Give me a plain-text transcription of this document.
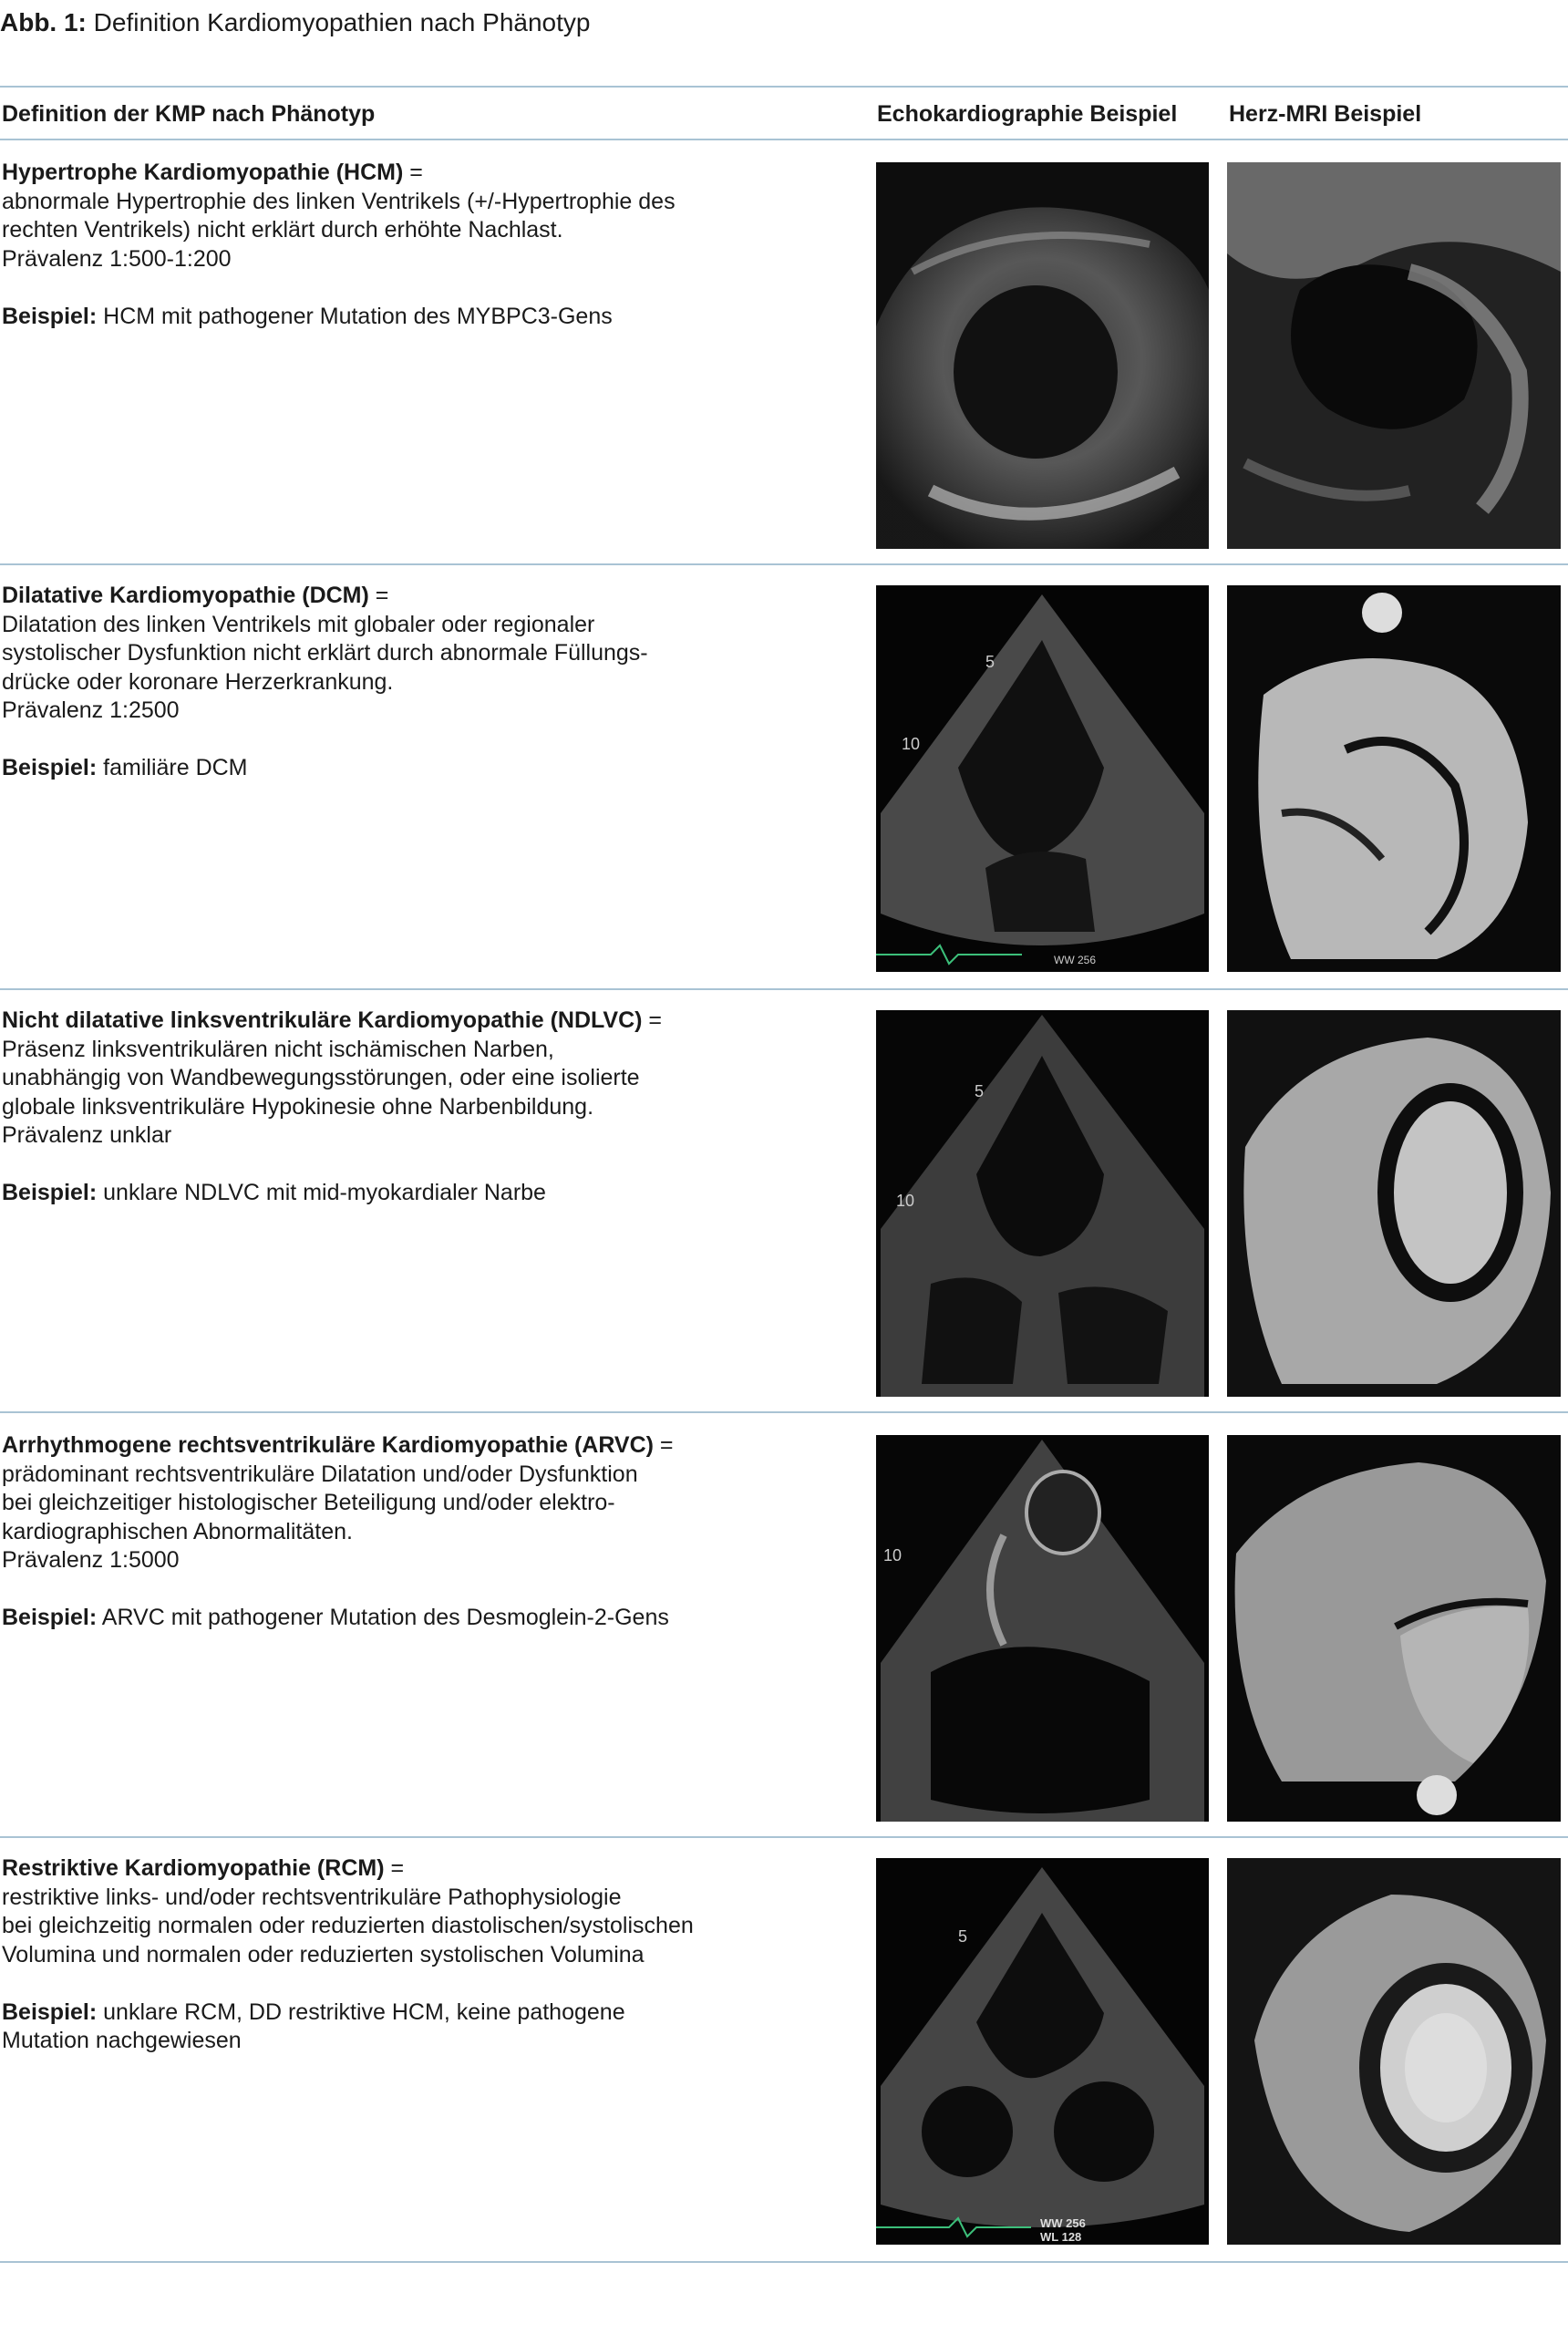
Abb. 1: Definition Kardiomyopathien nach Phänotyp
Definition der KMP nach Phänotyp	Echokardiographie Beispiel Herz-MRI Beispiel

Hypertrophe Kardiomyopathie (HCM) =

abnormale Hypertrophie des linken Ventrikels (+/-Hypertrophie des

rechten Ventrikels) nicht erklärt durch erhöhte Nachlast.

Prävalenz 1:500-1:200

Beispiel: HCM mit pathogener Mutation des MYBPC3-Gens

Dilatative Kardiomyopathie (DCM) =

Dilatation des linken Ventrikels mit globaler oder regionaler

systolischer Dysfunktion nicht erklärt durch abnormale Füllungs-

drücke oder koronare Herzerkrankung.

Prävalenz 1:2500

Beispiel: familiäre DCM

5
10
WW 256

Nicht dilatative linksventrikuläre Kardiomyopathie (NDLVC) =

Präsenz linksventrikulären nicht ischämischen Narben,

unabhängig von Wandbewegungsstörungen, oder eine isolierte

globale linksventrikuläre Hypokinesie ohne Narbenbildung.

Prävalenz unklar

Beispiel: unklare NDLVC mit mid-myokardialer Narbe

5
10

Arrhythmogene rechtsventrikuläre Kardiomyopathie (ARVC) =

prädominant rechtsventrikuläre Dilatation und/oder Dysfunktion

bei gleichzeitiger histologischer Beteiligung und/oder elektro-

kardiographischen Abnormalitäten.

Prävalenz 1:5000

Beispiel: ARVC mit pathogener Mutation des Desmoglein-2-Gens

10

Restriktive Kardiomyopathie (RCM) =

restriktive links- und/oder rechtsventrikuläre Pathophysiologie

bei gleichzeitig normalen oder reduzierten diastolischen/systolischen

Volumina und normalen oder reduzierten systolischen Volumina

Beispiel: unklare RCM, DD restriktive HCM, keine pathogene

Mutation nachgewiesen

5
WW 256
WL 128
